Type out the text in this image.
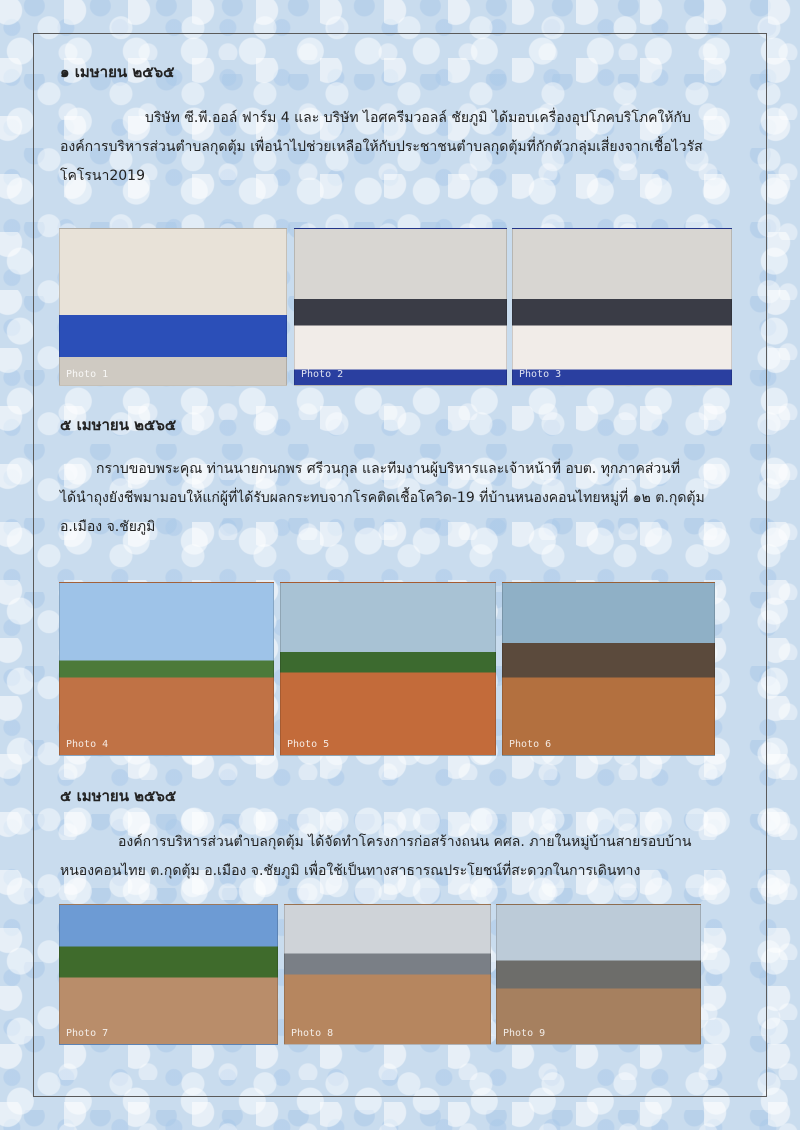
๑ เมษายน ๒๕๖๕
บริษัท ซี.พี.ออล์ ฟาร์ม 4 และ บริษัท ไอศครีมวอลล์ ชัยภูมิ ได้มอบเครื่องอุปโภคบริโภคให้กับ
องค์การบริหารส่วนตำบลกุดตุ้ม เพื่อนำไปช่วยเหลือให้กับประชาชนตำบลกุดตุ้มที่กักตัวกลุ่มเสี่ยงจากเชื้อไวรัส
โคโรนา2019
Photo 1	Photo 2	Photo 3
๕ เมษายน ๒๕๖๕
กราบขอบพระคุณ ท่านนายกนกพร ศรีวนกุล และทีมงานผู้บริหารและเจ้าหน้าที่ อบต. ทุกภาคส่วนที่
ได้นำถุงยังชีพมามอบให้แก่ผู้ที่ได้รับผลกระทบจากโรคติดเชื้อโควิด-19 ที่บ้านหนองคอนไทยหมู่ที่ ๑๒ ต.กุดตุ้ม
อ.เมือง จ.ชัยภูมิ
Photo 4	Photo 5	Photo 6
๕ เมษายน ๒๕๖๕
องค์การบริหารส่วนตำบลกุดตุ้ม ได้จัดทำโครงการก่อสร้างถนน คศล. ภายในหมู่บ้านสายรอบบ้าน
หนองคอนไทย ต.กุดตุ้ม อ.เมือง จ.ชัยภูมิ เพื่อใช้เป็นทางสาธารณประโยชน์ที่สะดวกในการเดินทาง
Photo 7	Photo 8	Photo 9
